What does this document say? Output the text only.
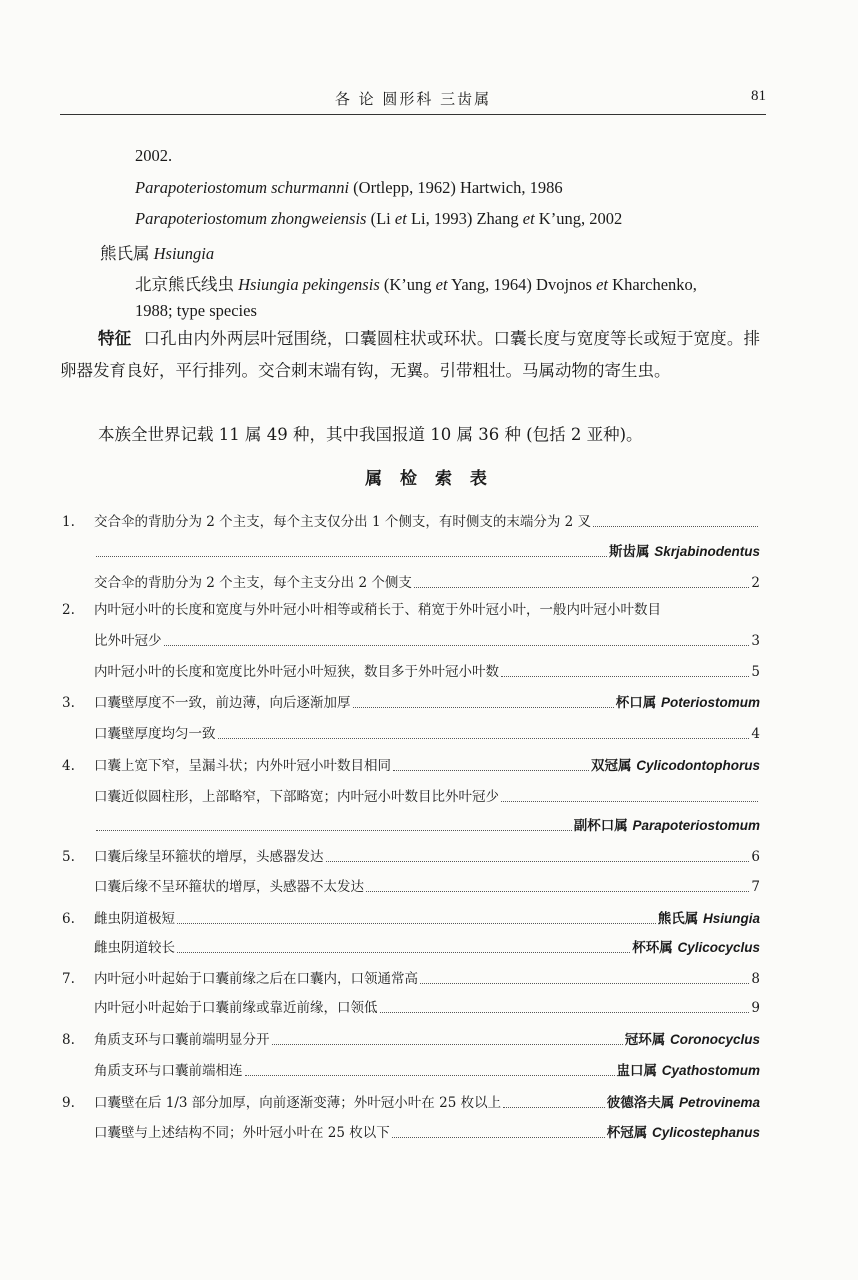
各 论 圆形科 三齿属	81
2002.
Parapoteriostomum schurmanni (Ortlepp, 1962) Hartwich, 1986
Parapoteriostomum zhongweiensis (Li et Li, 1993) Zhang et K’ung, 2002
熊氏属 Hsiungia
北京熊氏线虫 Hsiungia pekingensis (K’ung et Yang, 1964) Dvojnos et Kharchenko,
1988; type species
特征 口孔由内外两层叶冠围绕，口囊圆柱状或环状。口囊长度与宽度等长或短于宽度。排卵器发育良好，平行排列。交合刺末端有钩，无翼。引带粗壮。马属动物的寄生虫。
本族全世界记载 11 属 49 种，其中我国报道 10 属 36 种 (包括 2 亚种)。
属 检 索 表
1.	交合伞的背肋分为 2 个主支，每个主支仅分出 1 个侧支，有时侧支的末端分为 2 叉
斯齿属 Skrjabinodentus
交合伞的背肋分为 2 个主支，每个主支分出 2 个侧支	2
2.	内叶冠小叶的长度和宽度与外叶冠小叶相等或稍长于、稍宽于外叶冠小叶，一般内叶冠小叶数目
比外叶冠少	3
内叶冠小叶的长度和宽度比外叶冠小叶短狭，数目多于外叶冠小叶数	5
3.	口囊壁厚度不一致，前边薄，向后逐渐加厚	杯口属 Poteriostomum
口囊壁厚度均匀一致	4
4.	口囊上宽下窄，呈漏斗状；内外叶冠小叶数目相同	双冠属 Cylicodontophorus
口囊近似圆柱形，上部略窄，下部略宽；内叶冠小叶数目比外叶冠少
副杯口属 Parapoteriostomum
5.	口囊后缘呈环箍状的增厚，头感器发达	6
口囊后缘不呈环箍状的增厚，头感器不太发达	7
6.	雌虫阴道极短	熊氏属 Hsiungia
雌虫阴道较长	杯环属 Cylicocyclus
7.	内叶冠小叶起始于口囊前缘之后在口囊内，口领通常高	8
内叶冠小叶起始于口囊前缘或靠近前缘，口领低	9
8.	角质支环与口囊前端明显分开	冠环属 Coronocyclus
角质支环与口囊前端相连	盅口属 Cyathostomum
9.	口囊壁在后 1/3 部分加厚，向前逐渐变薄；外叶冠小叶在 25 枚以上	彼德洛夫属 Petrovinema
口囊壁与上述结构不同；外叶冠小叶在 25 枚以下	杯冠属 Cylicostephanus
